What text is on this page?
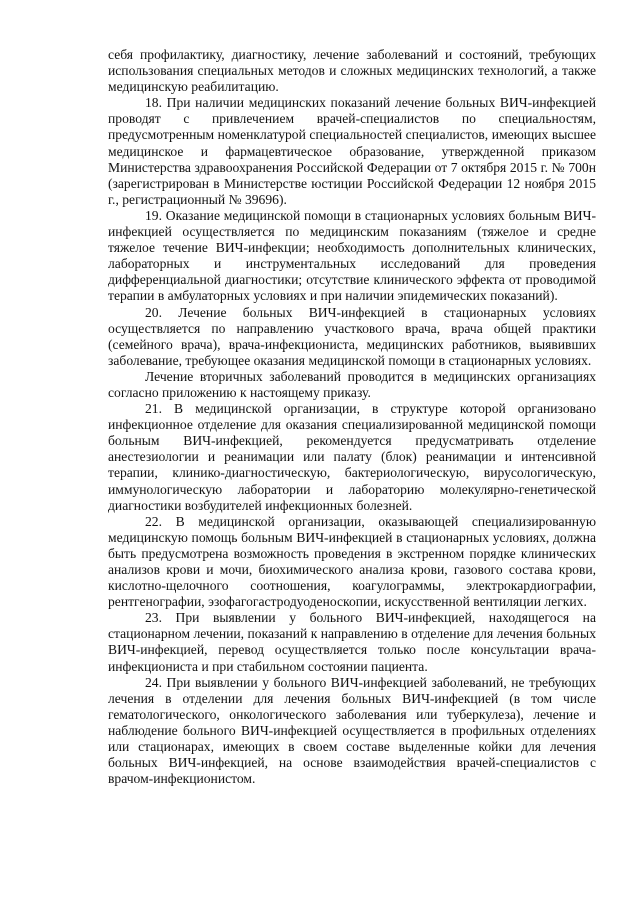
себя профилактику, диагностику, лечение заболеваний и состояний, требующих использования специальных методов и сложных медицинских технологий, а также медицинскую реабилитацию.

18. При наличии медицинских показаний лечение больных ВИЧ-инфекцией проводят с привлечением врачей-специалистов по специальностям, предусмотренным номенклатурой специальностей специалистов, имеющих высшее медицинское и фармацевтическое образование, утвержденной приказом Министерства здравоохранения Российской Федерации от 7 октября 2015 г. № 700н (зарегистрирован в Министерстве юстиции Российской Федерации 12 ноября 2015 г., регистрационный № 39696).

19. Оказание медицинской помощи в стационарных условиях больным ВИЧ-инфекцией осуществляется по медицинским показаниям (тяжелое и средне тяжелое течение ВИЧ-инфекции; необходимость дополнительных клинических, лабораторных и инструментальных исследований для проведения дифференциальной диагностики; отсутствие клинического эффекта от проводимой терапии в амбулаторных условиях и при наличии эпидемических показаний).

20. Лечение больных ВИЧ-инфекцией в стационарных условиях осуществляется по направлению участкового врача, врача общей практики (семейного врача), врача-инфекциониста, медицинских работников, выявивших заболевание, требующее оказания медицинской помощи в стационарных условиях.

Лечение вторичных заболеваний проводится в медицинских организациях согласно приложению к настоящему приказу.

21. В медицинской организации, в структуре которой организовано инфекционное отделение для оказания специализированной медицинской помощи больным ВИЧ-инфекцией, рекомендуется предусматривать отделение анестезиологии и реанимации или палату (блок) реанимации и интенсивной терапии, клинико-диагностическую, бактериологическую, вирусологическую, иммунологическую лаборатории и лабораторию молекулярно-генетической диагностики возбудителей инфекционных болезней.

22. В медицинской организации, оказывающей специализированную медицинскую помощь больным ВИЧ-инфекцией в стационарных условиях, должна быть предусмотрена возможность проведения в экстренном порядке клинических анализов крови и мочи, биохимического анализа крови, газового состава крови, кислотно-щелочного соотношения, коагулограммы, электрокардиографии, рентгенографии, эзофагогастродуоденоскопии, искусственной вентиляции легких.

23. При выявлении у больного ВИЧ-инфекцией, находящегося на стационарном лечении, показаний к направлению в отделение для лечения больных ВИЧ-инфекцией, перевод осуществляется только после консультации врача-инфекциониста и при стабильном состоянии пациента.

24. При выявлении у больного ВИЧ-инфекцией заболеваний, не требующих лечения в отделении для лечения больных ВИЧ-инфекцией (в том числе гематологического, онкологического заболевания или туберкулеза), лечение и наблюдение больного ВИЧ-инфекцией осуществляется в профильных отделениях или стационарах, имеющих в своем составе выделенные койки для лечения больных ВИЧ-инфекцией, на основе взаимодействия врачей-специалистов с врачом-инфекционистом.
